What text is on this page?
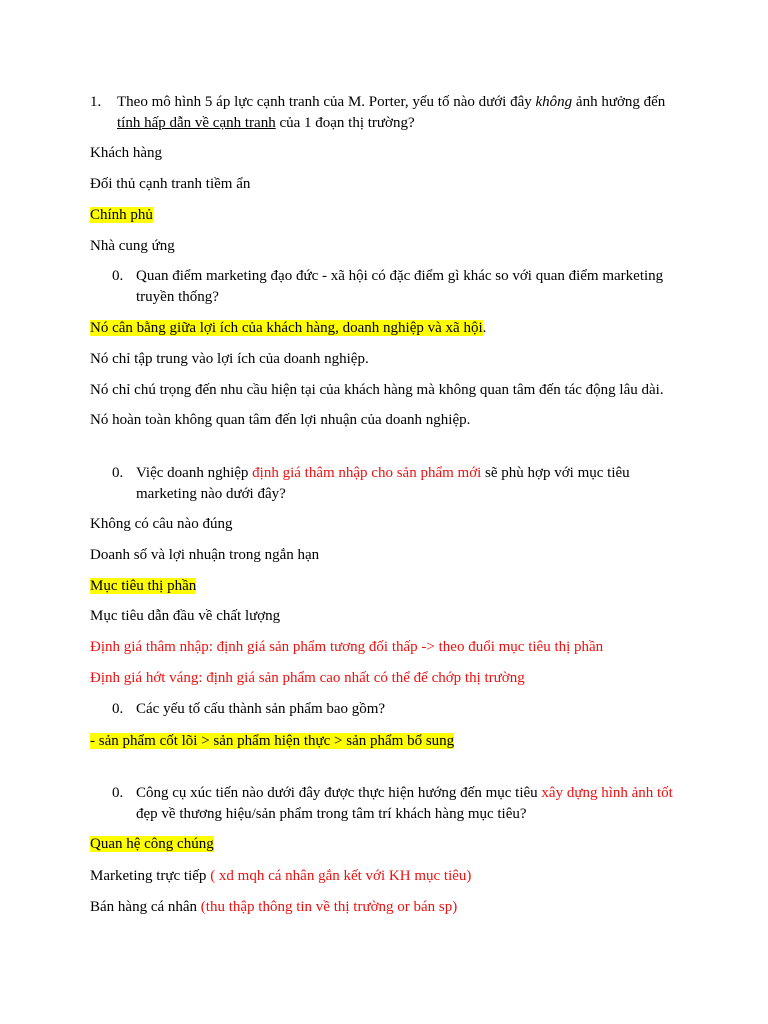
1. Theo mô hình 5 áp lực cạnh tranh của M. Porter, yếu tố nào dưới đây không ảnh hưởng đến
tính hấp dẫn về cạnh tranh của 1 đoạn thị trường?
Khách hàng
Đối thủ cạnh tranh tiềm ẩn
Chính phủ
Nhà cung ứng
0. Quan điểm marketing đạo đức - xã hội có đặc điểm gì khác so với quan điểm marketing
truyền thống?
Nó cân bằng giữa lợi ích của khách hàng, doanh nghiệp và xã hội.
Nó chỉ tập trung vào lợi ích của doanh nghiệp.
Nó chỉ chú trọng đến nhu cầu hiện tại của khách hàng mà không quan tâm đến tác động lâu dài.
Nó hoàn toàn không quan tâm đến lợi nhuận của doanh nghiệp.
0. Việc doanh nghiệp định giá thâm nhập cho sản phẩm mới sẽ phù hợp với mục tiêu
marketing nào dưới đây?
Không có câu nào đúng
Doanh số và lợi nhuận trong ngắn hạn
Mục tiêu thị phần
Mục tiêu dẫn đầu về chất lượng
Định giá thâm nhập: định giá sản phẩm tương đối thấp -> theo đuổi mục tiêu thị phần
Định giá hớt váng: định giá sản phẩm cao nhất có thể để chớp thị trường
0. Các yếu tố cấu thành sản phẩm bao gồm?
- sản phẩm cốt lõi > sản phẩm hiện thực > sản phẩm bổ sung
0. Công cụ xúc tiến nào dưới đây được thực hiện hướng đến mục tiêu xây dựng hình ảnh tốt
đẹp về thương hiệu/sản phẩm trong tâm trí khách hàng mục tiêu?
Quan hệ công chúng
Marketing trực tiếp ( xd mqh cá nhân gắn kết với KH mục tiêu)
Bán hàng cá nhân (thu thập thông tin về thị trường or bán sp)
